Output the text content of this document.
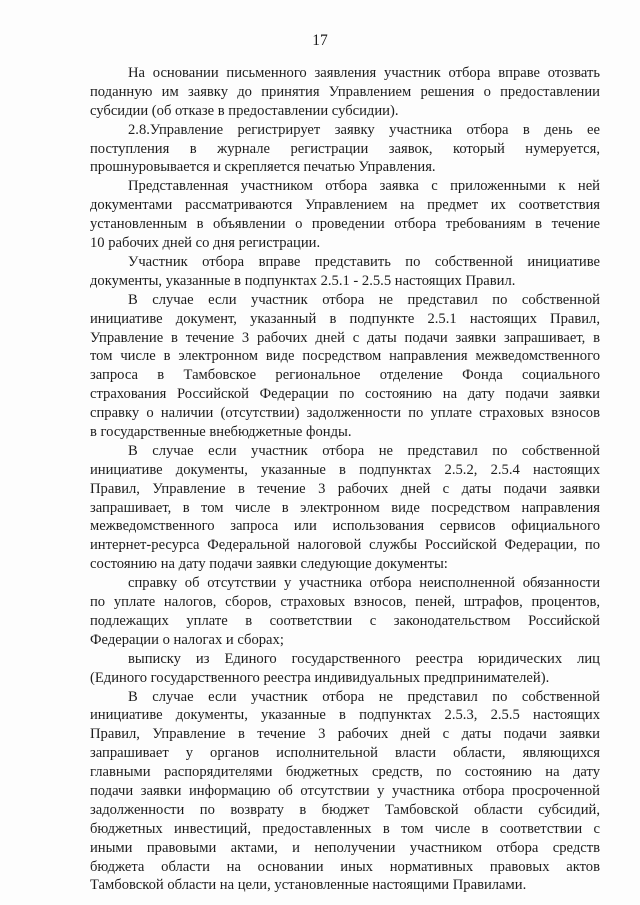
17
На основании письменного заявления участник отбора вправе отозвать
поданную им заявку до принятия Управлением решения о предоставлении
субсидии (об отказе в предоставлении субсидии).
2.8.Управление регистрирует заявку участника отбора в день ее
поступления в журнале регистрации заявок, который нумеруется,
прошнуровывается и скрепляется печатью Управления.
Представленная участником отбора заявка с приложенными к ней
документами рассматриваются Управлением на предмет их соответствия
установленным в объявлении о проведении отбора требованиям в течение
10 рабочих дней со дня регистрации.
Участник отбора вправе представить по собственной инициативе
документы, указанные в подпунктах 2.5.1 - 2.5.5 настоящих Правил.
В случае если участник отбора не представил по собственной
инициативе документ, указанный в подпункте 2.5.1 настоящих Правил,
Управление в течение 3 рабочих дней с даты подачи заявки запрашивает, в
том числе в электронном виде посредством направления межведомственного
запроса в Тамбовское региональное отделение Фонда социального
страхования Российской Федерации по состоянию на дату подачи заявки
справку о наличии (отсутствии) задолженности по уплате страховых взносов
в государственные внебюджетные фонды.
В случае если участник отбора не представил по собственной
инициативе документы, указанные в подпунктах 2.5.2, 2.5.4 настоящих
Правил, Управление в течение 3 рабочих дней с даты подачи заявки
запрашивает, в том числе в электронном виде посредством направления
межведомственного запроса или использования сервисов официального
интернет-ресурса Федеральной налоговой службы Российской Федерации, по
состоянию на дату подачи заявки следующие документы:
справку об отсутствии у участника отбора неисполненной обязанности
по уплате налогов, сборов, страховых взносов, пеней, штрафов, процентов,
подлежащих уплате в соответствии с законодательством Российской
Федерации о налогах и сборах;
выписку из Единого государственного реестра юридических лиц
(Единого государственного реестра индивидуальных предпринимателей).
В случае если участник отбора не представил по собственной
инициативе документы, указанные в подпунктах 2.5.3, 2.5.5 настоящих
Правил, Управление в течение 3 рабочих дней с даты подачи заявки
запрашивает у органов исполнительной власти области, являющихся
главными распорядителями бюджетных средств, по состоянию на дату
подачи заявки информацию об отсутствии у участника отбора просроченной
задолженности по возврату в бюджет Тамбовской области субсидий,
бюджетных инвестиций, предоставленных в том числе в соответствии с
иными правовыми актами, и неполучении участником отбора средств
бюджета области на основании иных нормативных правовых актов
Тамбовской области на цели, установленные настоящими Правилами.
